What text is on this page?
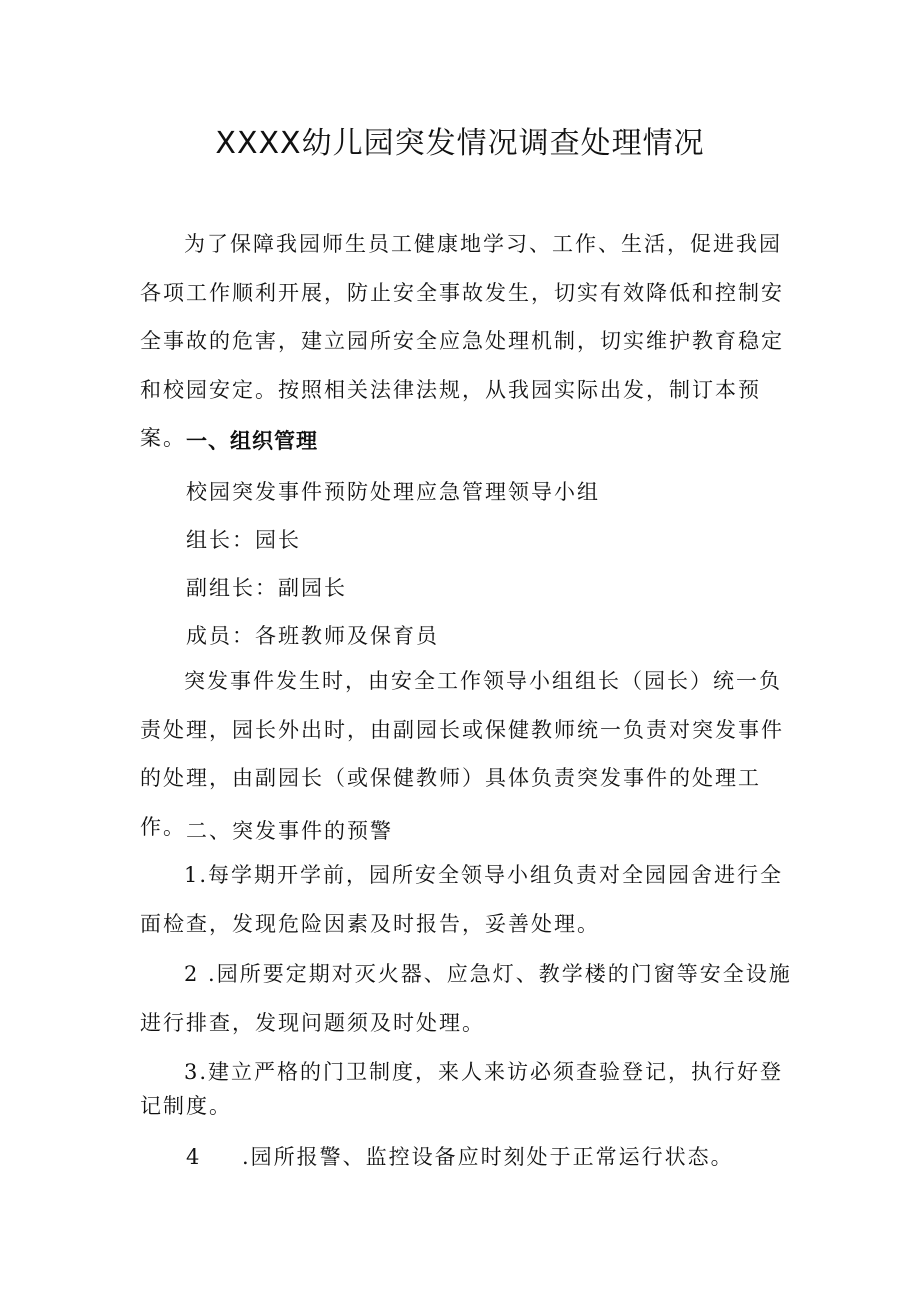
XXXX幼儿园突发情况调查处理情况

为了保障我园师生员工健康地学习、工作、生活，促进我园各项工作顺利开展，防止安全事故发生，切实有效降低和控制安全事故的危害，建立园所安全应急处理机制，切实维护教育稳定和校园安定。按照相关法律法规，从我园实际出发，制订本预案。 一、组织管理
校园突发事件预防处理应急管理领导小组
组长：园长
副组长：副园长
成员：各班教师及保育员

突发事件发生时，由安全工作领导小组组长（园长）统一负责处理，园长外出时，由副园长或保健教师统一负责对突发事件的处理，由副园长（或保健教师）具体负责突发事件的处理工作。 二、突发事件的预警

1.每学期开学前，园所安全领导小组负责对全园园舍进行全面检查，发现危险因素及时报告，妥善处理。

2 .园所要定期对灭火器、应急灯、教学楼的门窗等安全设施进行排查，发现问题须及时处理。

3.建立严格的门卫制度，来人来访必须查验登记，执行好登记制度。

4 .园所报警、监控设备应时刻处于正常运行状态。
